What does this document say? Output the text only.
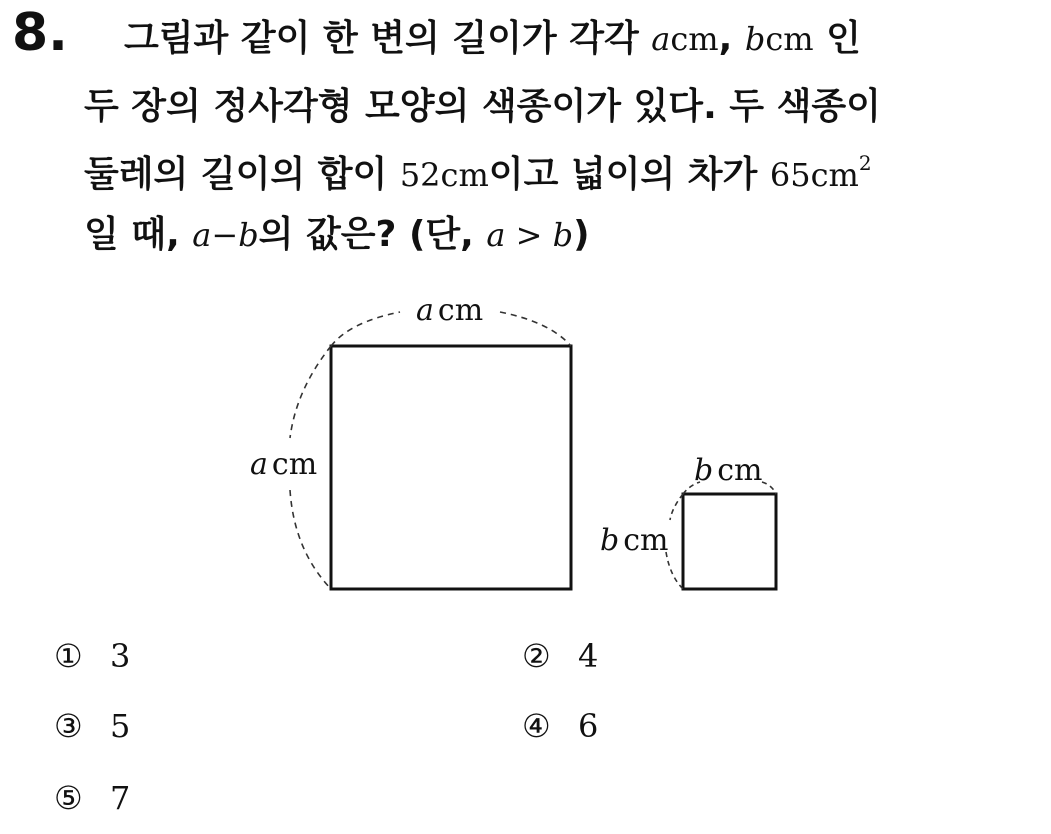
8. 그림과 같이 한 변의 길이가 각각 acm, bcm 인
두 장의 정사각형 모양의 색종이가 있다. 두 색종이
둘레의 길이의 합이 52cm이고 넓이의 차가 $65cm^2$
일 때, a−b의 값은? (단, a > b)
a cm
a cm	b cm
b cm
① 3	② 4
③ 5	④ 6
⑤ 7
